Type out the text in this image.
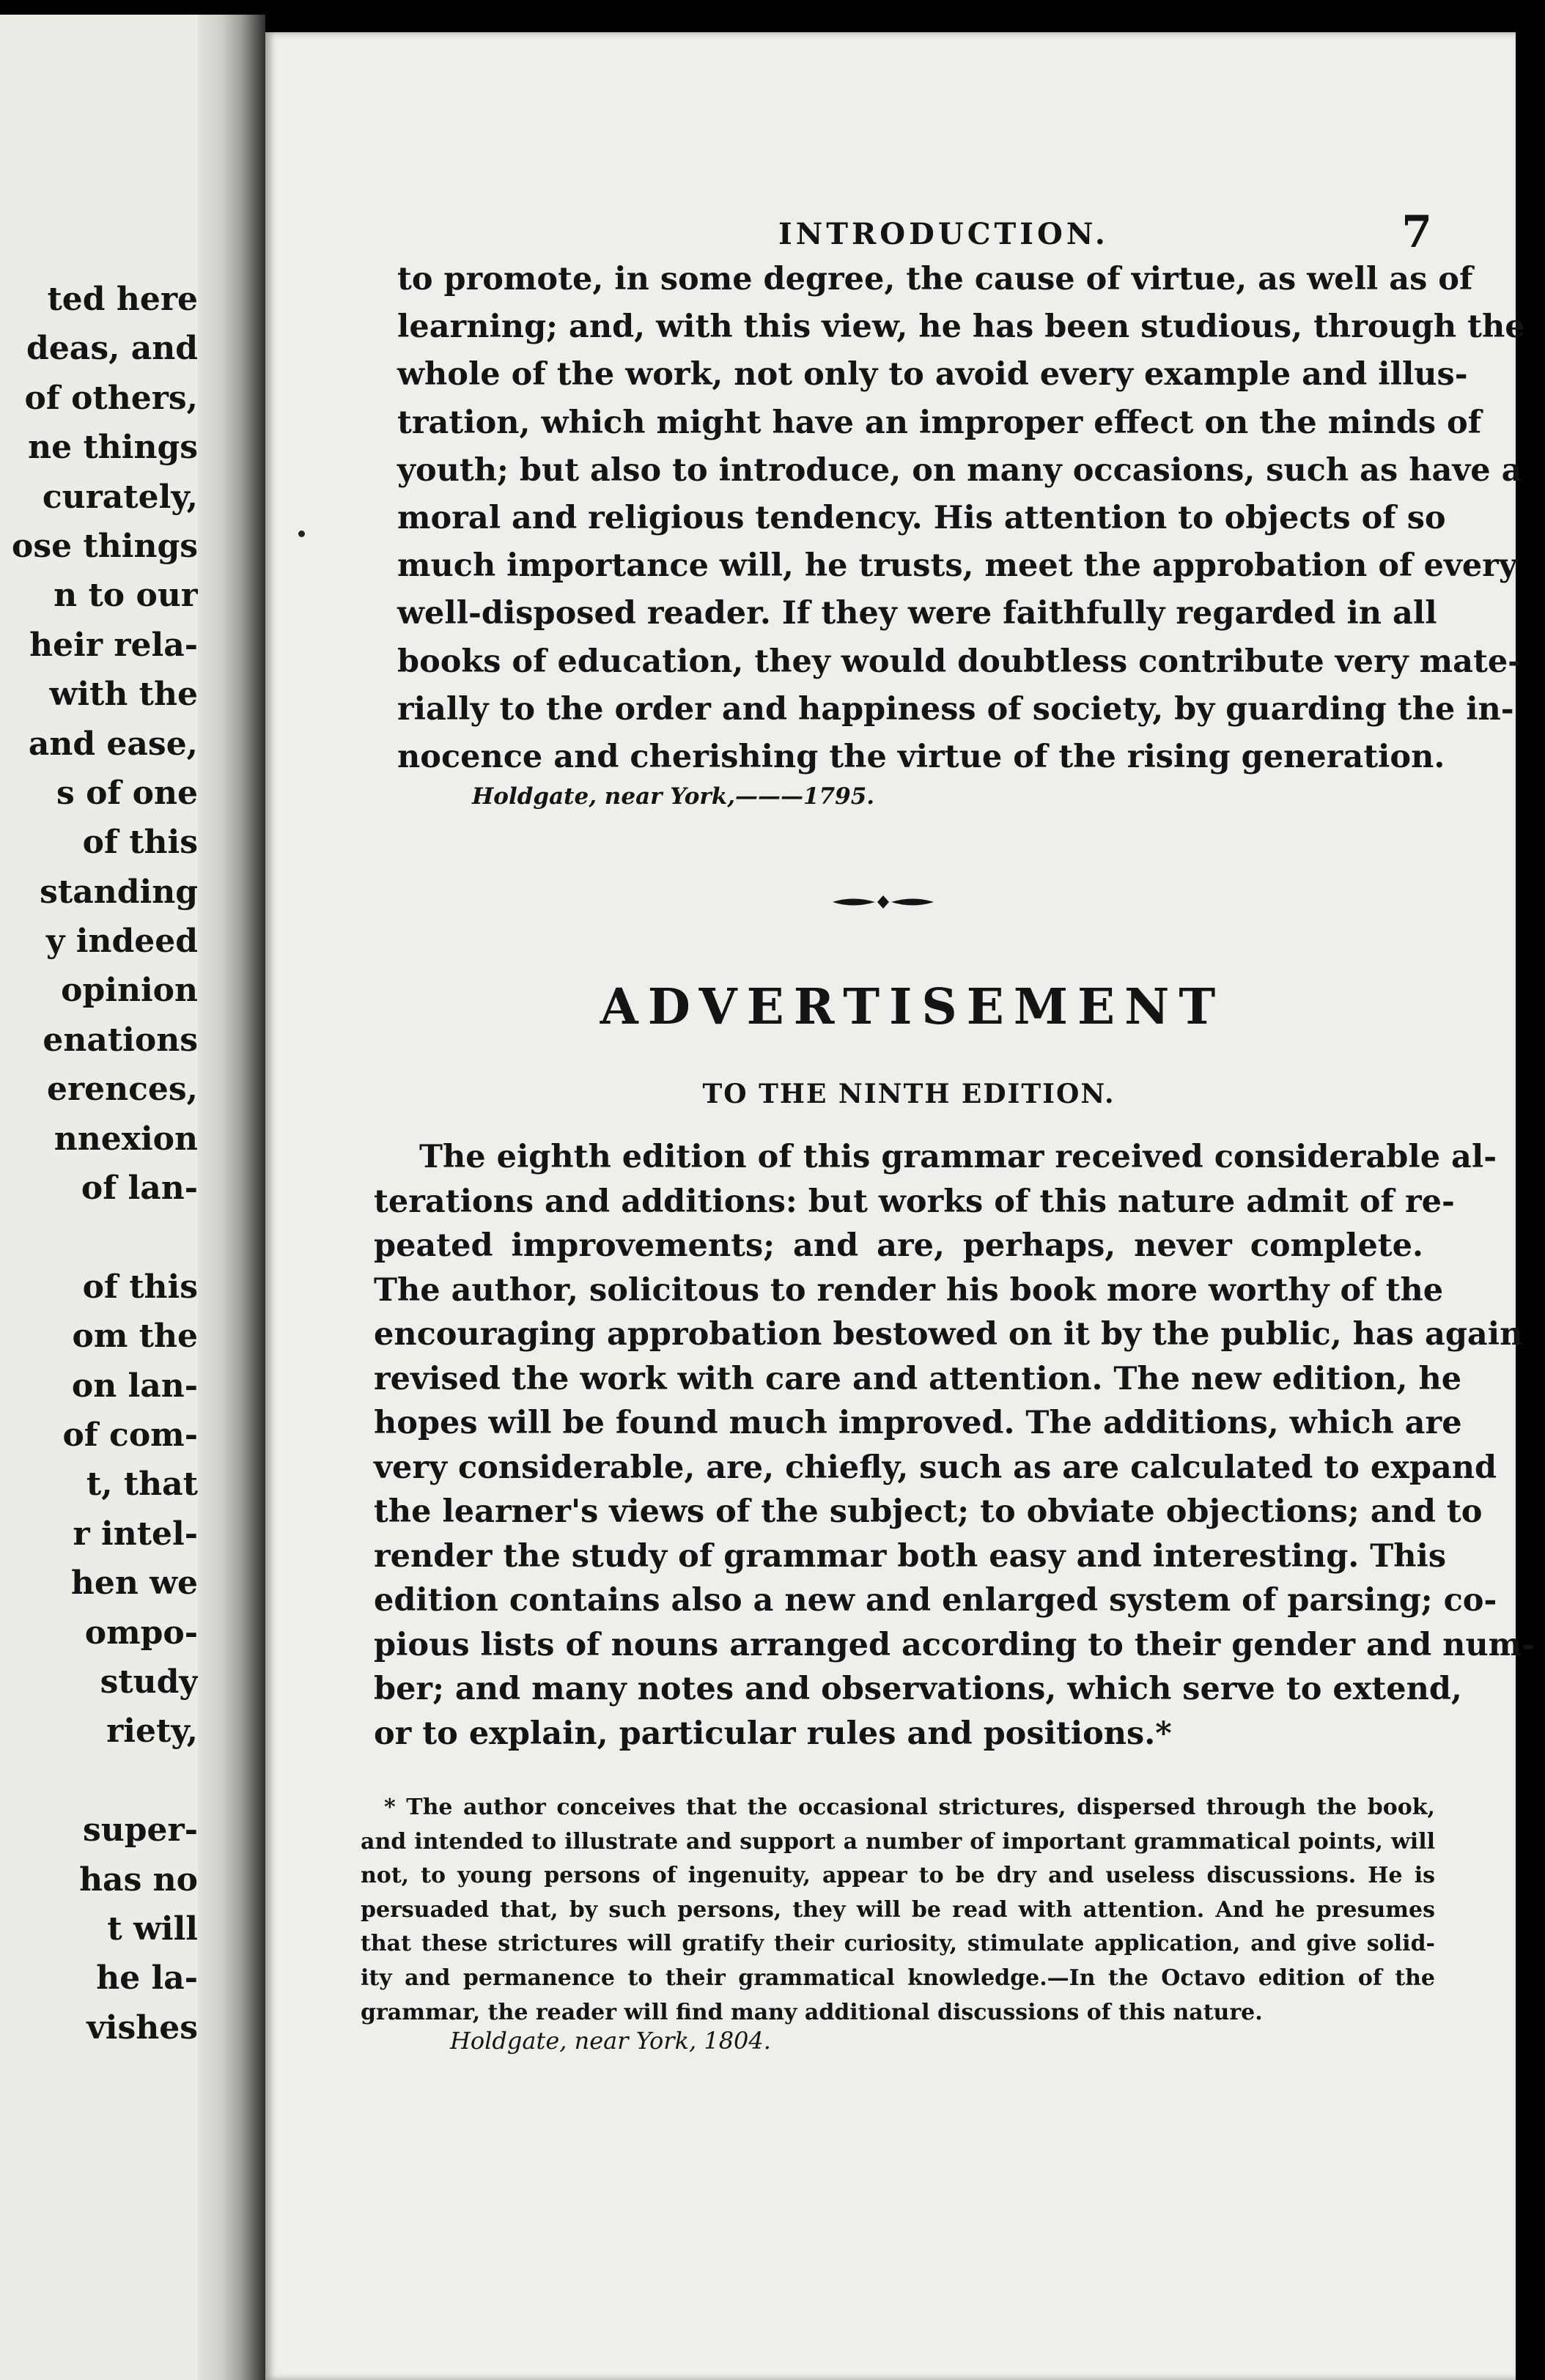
ted here
deas, and
of others,
ne things
curately,
ose things
n to our
heir rela-
with the
and ease,
s of one
of this
standing
y indeed
opinion
enations
erences,
nnexion
of lan-
of this
om the
on lan-
of com-
t, that
r intel-
hen we
ompo-
study
riety,
super-
has no
t will
he la-
vishes
INTRODUCTION.	7
to promote, in some degree, the cause of virtue, as well as of
learning; and, with this view, he has been studious, through the
whole of the work, not only to avoid every example and illus-
tration, which might have an improper effect on the minds of
youth; but also to introduce, on many occasions, such as have a
moral and religious tendency. His attention to objects of so
much importance will, he trusts, meet the approbation of every
well-disposed reader. If they were faithfully regarded in all
books of education, they would doubtless contribute very mate-
rially to the order and happiness of society, by guarding the in-
nocence and cherishing the virtue of the rising generation.
Holdgate, near York,———1795.
ADVERTISEMENT
TO THE NINTH EDITION.
The eighth edition of this grammar received considerable al-
terations and additions: but works of this nature admit of re-
peated improvements; and are, perhaps, never complete.
The author, solicitous to render his book more worthy of the
encouraging approbation bestowed on it by the public, has again
revised the work with care and attention. The new edition, he
hopes will be found much improved. The additions, which are
very considerable, are, chiefly, such as are calculated to expand
the learner's views of the subject; to obviate objections; and to
render the study of grammar both easy and interesting. This
edition contains also a new and enlarged system of parsing; co-
pious lists of nouns arranged according to their gender and num-
ber; and many notes and observations, which serve to extend,
or to explain, particular rules and positions.*
* The author conceives that the occasional strictures, dispersed through the book,
and intended to illustrate and support a number of important grammatical points, will
not, to young persons of ingenuity, appear to be dry and useless discussions. He is
persuaded that, by such persons, they will be read with attention. And he presumes
that these strictures will gratify their curiosity, stimulate application, and give solid-
ity and permanence to their grammatical knowledge.—In the Octavo edition of the
grammar, the reader will find many additional discussions of this nature.
Holdgate, near York, 1804.
